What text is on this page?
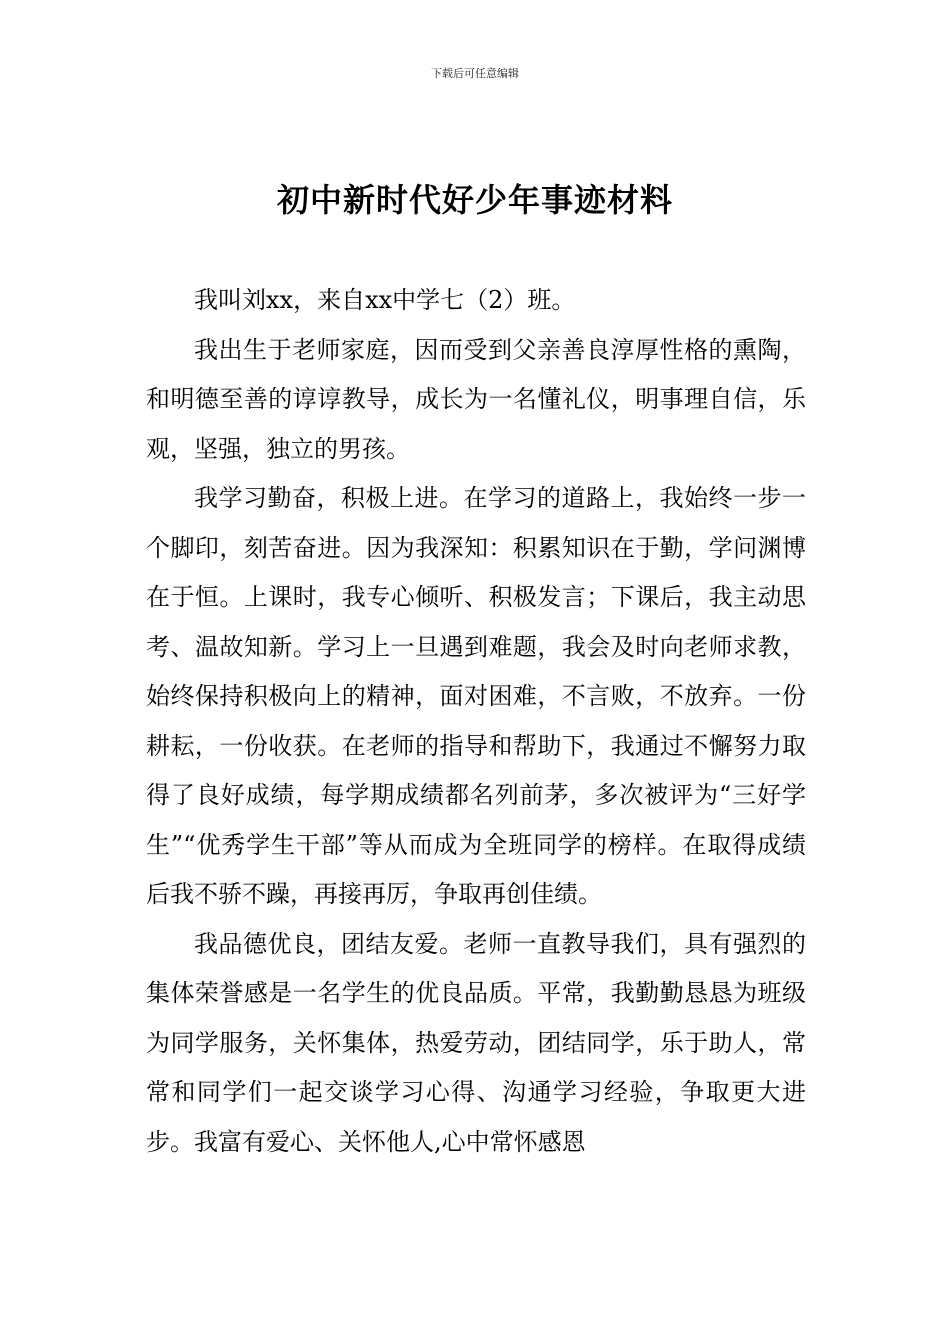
下载后可任意编辑
初中新时代好少年事迹材料

我叫刘xx，来自xx中学七（2）班。

我出生于老师家庭，因而受到父亲善良淳厚性格的熏陶，和明德至善的谆谆教导，成长为一名懂礼仪，明事理自信，乐观，坚强，独立的男孩。

我学习勤奋，积极上进。在学习的道路上，我始终一步一个脚印，刻苦奋进。因为我深知：积累知识在于勤，学问渊博在于恒。上课时，我专心倾听、积极发言；下课后，我主动思考、温故知新。学习上一旦遇到难题，我会及时向老师求教，始终保持积极向上的精神，面对困难，不言败，不放弃。一份耕耘，一份收获。在老师的指导和帮助下，我通过不懈努力取得了良好成绩，每学期成绩都名列前茅，多次被评为“三好学生”“优秀学生干部”等从而成为全班同学的榜样。在取得成绩后我不骄不躁，再接再厉，争取再创佳绩。

我品德优良，团结友爱。老师一直教导我们，具有强烈的集体荣誉感是一名学生的优良品质。平常，我勤勤恳恳为班级为同学服务，关怀集体，热爱劳动，团结同学，乐于助人，常常和同学们一起交谈学习心得、沟通学习经验，争取更大进步。我富有爱心、关怀他人,心中常怀感恩
